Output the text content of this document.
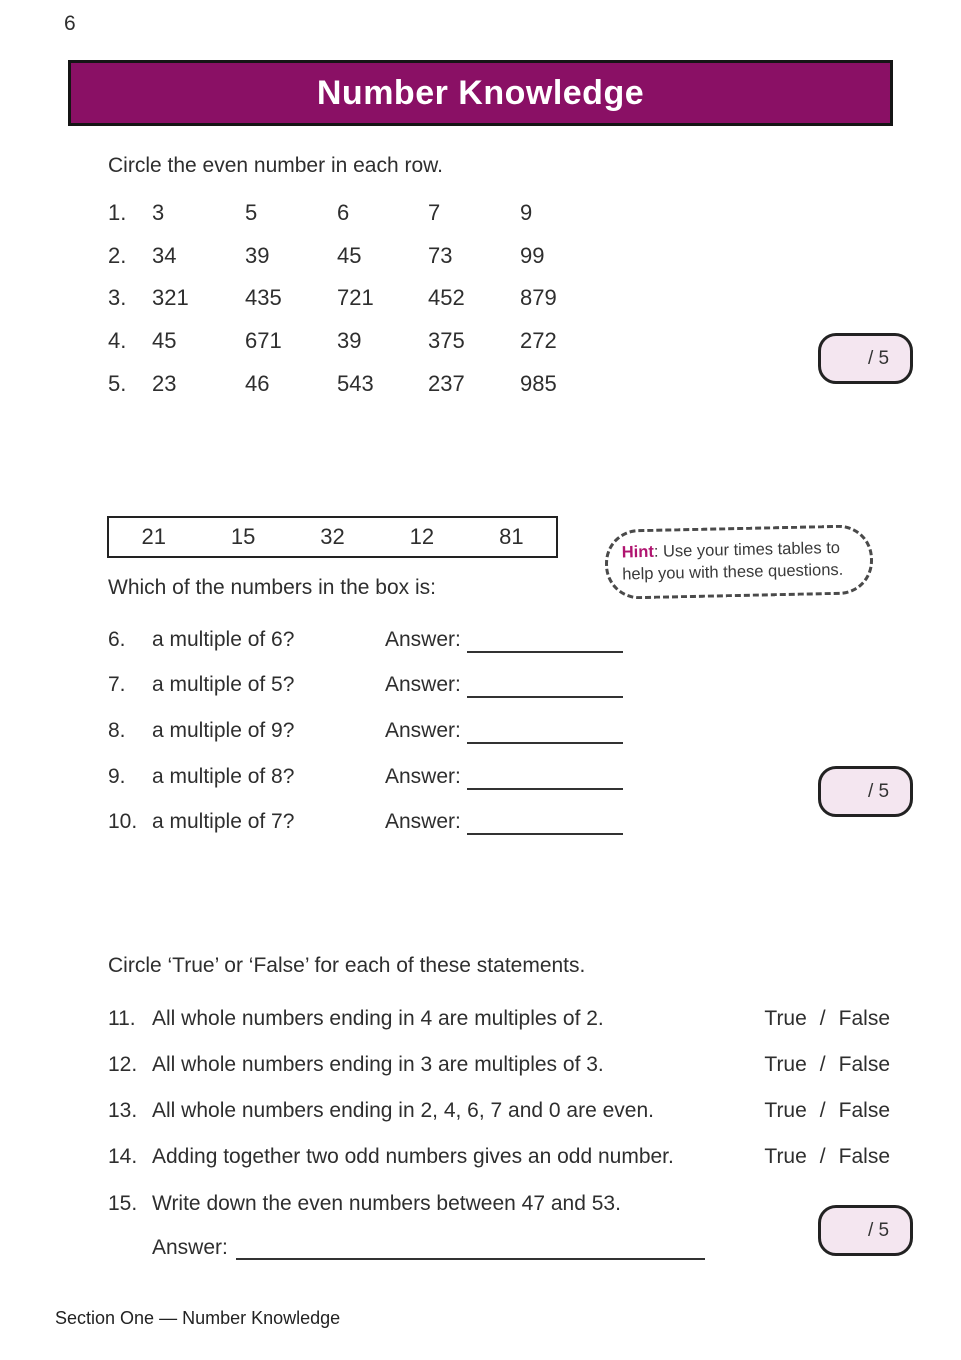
6
Number Knowledge

Circle the even number in each row.

1.	3	5	6	7	9
2.	34	39	45	73	99
3.	321	435	721	452	879
4.	45	671	39	375	272
5.	23	46	543	237	985
/ 5
21	15	32	12	81
Hint: Use your times tables to help you with these questions.

Which of the numbers in the box is:

6.	a multiple of 6?	Answer:
7.	a multiple of 5?	Answer:
8.	a multiple of 9?	Answer:
9.	a multiple of 8?	Answer:
10. a multiple of 7?	Answer:
/ 5

Circle ‘True’ or ‘False’ for each of these statements.

11. All whole numbers ending in 4 are multiples of 2.	True / False
12. All whole numbers ending in 3 are multiples of 3.	True / False
13. All whole numbers ending in 2, 4, 6, 7 and 0 are even.	True / False
14. Adding together two odd numbers gives an odd number.	True / False
15. Write down the even numbers between 47 and 53.
Answer:
/ 5
Section One — Number Knowledge
